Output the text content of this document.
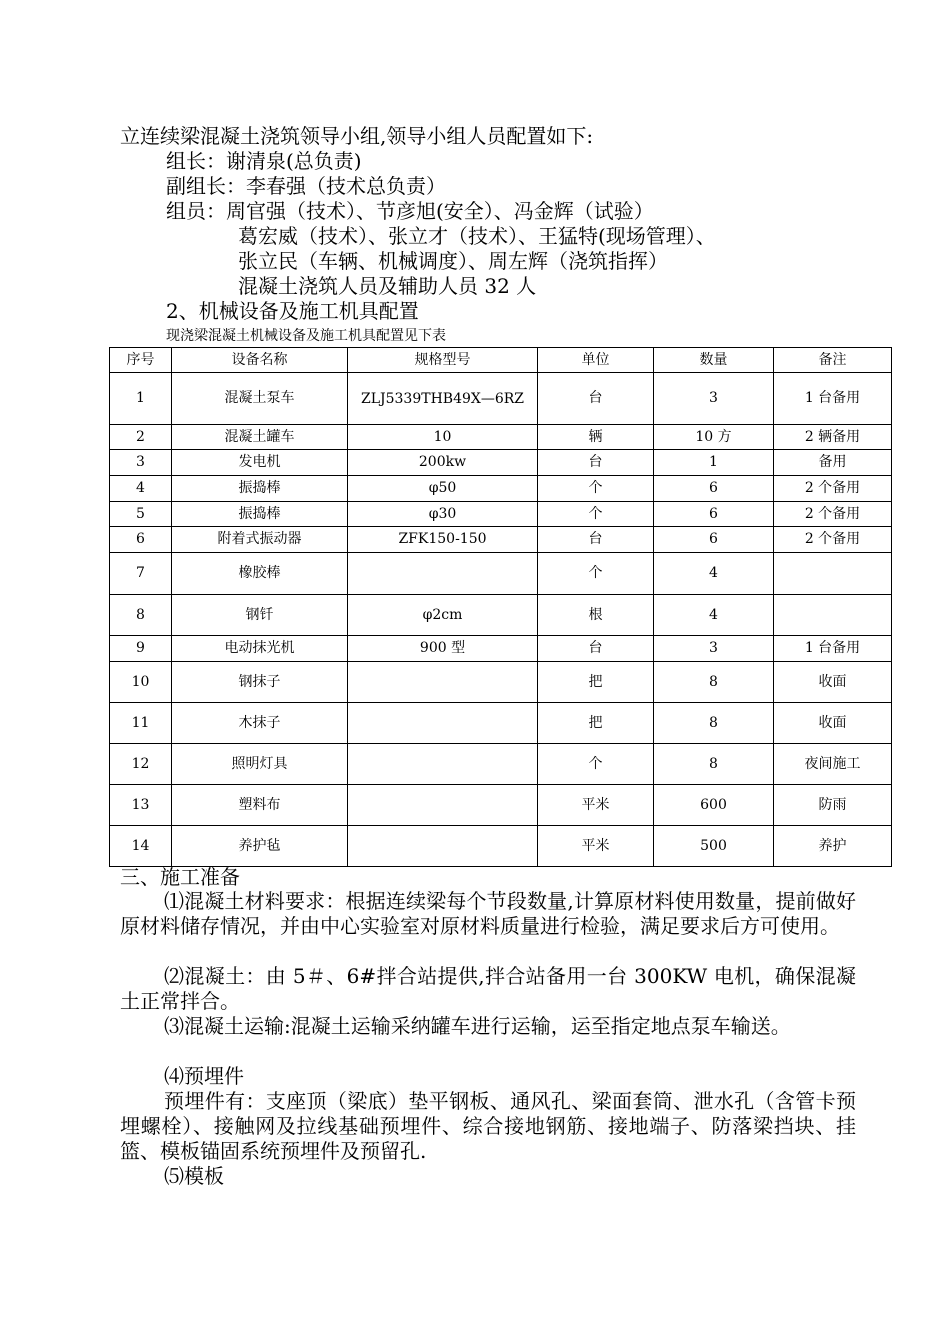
立连续梁混凝土浇筑领导小组,领导小组人员配置如下:
组长：谢清泉(总负责)
副组长：李春强（技术总负责）
组员：周官强（技术）、节彦旭(安全）、冯金辉（试验）
葛宏威（技术）、张立才（技术）、王猛特(现场管理）、
张立民（车辆、机械调度）、周左辉（浇筑指挥）
混凝土浇筑人员及辅助人员 32 人
2、机械设备及施工机具配置
现浇梁混凝土机械设备及施工机具配置见下表
序号	设备名称	规格型号	单位	数量	备注
1	混凝土泵车	ZLJ5339THB49X—6RZ	台	3	1 台备用
2	混凝土罐车	10	辆	10 方	2 辆备用
3	发电机	200kw	台	1	备用
4	振捣棒	φ50	个	6	2 个备用
5	振捣棒	φ30	个	6	2 个备用
6	附着式振动器	ZFK150-150	台	6	2 个备用
7	橡胶棒		个	4	
8	钢钎	φ2cm	根	4	
9	电动抹光机	900 型	台	3	1 台备用
10	钢抹子		把	8	收面
11	木抹子		把	8	收面
12	照明灯具		个	8	夜间施工
13	塑料布		平米	600	防雨
14	养护毡		平米	500	养护
三、施工准备
⑴混凝土材料要求：根据连续梁每个节段数量,计算原材料使用数量，提前做好原材料储存情况，并由中心实验室对原材料质量进行检验，满足要求后方可使用。
⑵混凝土：由 5＃、6#拌合站提供,拌合站备用一台 300KW 电机，确保混凝土正常拌合。
⑶混凝土运输:混凝土运输采纳罐车进行运输，运至指定地点泵车输送。
⑷预埋件
预埋件有：支座顶（梁底）垫平钢板、通风孔、梁面套筒、泄水孔（含管卡预埋螺栓）、接触网及拉线基础预埋件、综合接地钢筋、接地端子、防落梁挡块、挂篮、模板锚固系统预埋件及预留孔.
⑸模板
